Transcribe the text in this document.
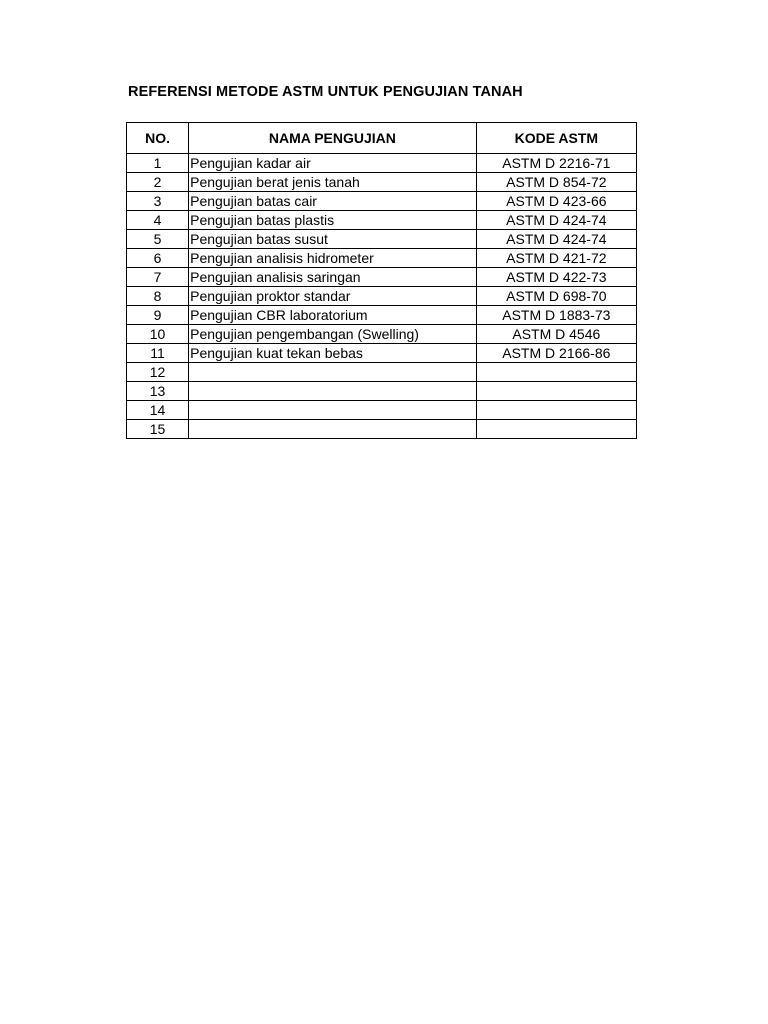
REFERENSI METODE ASTM UNTUK PENGUJIAN TANAH
NO.	NAMA PENGUJIAN	KODE ASTM
1	Pengujian kadar air	ASTM D 2216-71
2	Pengujian berat jenis tanah	ASTM D 854-72
3	Pengujian batas cair	ASTM D 423-66
4	Pengujian batas plastis	ASTM D 424-74
5	Pengujian batas susut	ASTM D 424-74
6	Pengujian analisis hidrometer	ASTM D 421-72
7	Pengujian analisis saringan	ASTM D 422-73
8	Pengujian proktor standar	ASTM D 698-70
9	Pengujian CBR laboratorium	ASTM D 1883-73
10	Pengujian pengembangan (Swelling)	ASTM D 4546
11	Pengujian kuat tekan bebas	ASTM D 2166-86
12		
13		
14		
15		
